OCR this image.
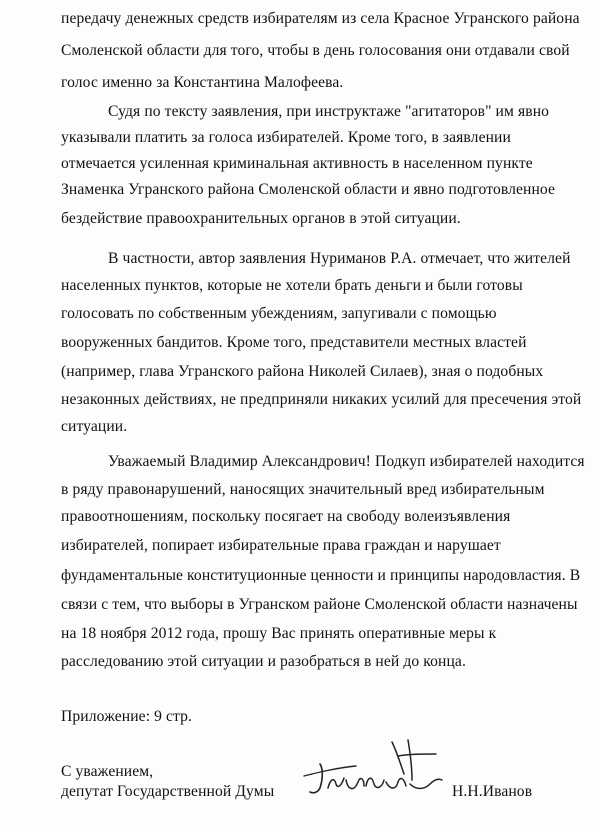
передачу денежных средств избирателям из села Красное Угранского района
Смоленской области для того, чтобы в день голосования они отдавали свой
голос именно за Константина Малофеева.
Судя по тексту заявления, при инструктаже "агитаторов" им явно
указывали платить за голоса избирателей. Кроме того, в заявлении
отмечается усиленная криминальная активность в населенном пункте
Знаменка Угранского района Смоленской области и явно подготовленное
бездействие правоохранительных органов в этой ситуации.
В частности, автор заявления Нуриманов Р.А. отмечает, что жителей
населенных пунктов, которые не хотели брать деньги и были готовы
голосовать по собственным убеждениям, запугивали с помощью
вооруженных бандитов. Кроме того, представители местных властей
(например, глава Угранского района Николей Силаев), зная о подобных
незаконных действиях, не предприняли никаких усилий для пресечения этой
ситуации.
Уважаемый Владимир Александрович! Подкуп избирателей находится
в ряду правонарушений, наносящих значительный вред избирательным
правоотношениям, поскольку посягает на свободу волеизъявления
избирателей, попирает избирательные права граждан и нарушает
фундаментальные конституционные ценности и принципы народовластия. В
связи с тем, что выборы в Угранском районе Смоленской области назначены
на 18 ноября 2012 года, прошу Вас принять оперативные меры к
расследованию этой ситуации и разобраться в ней до конца.
Приложение: 9 стр.
С уважением,
депутат Государственной Думы	Н.Н.Иванов
